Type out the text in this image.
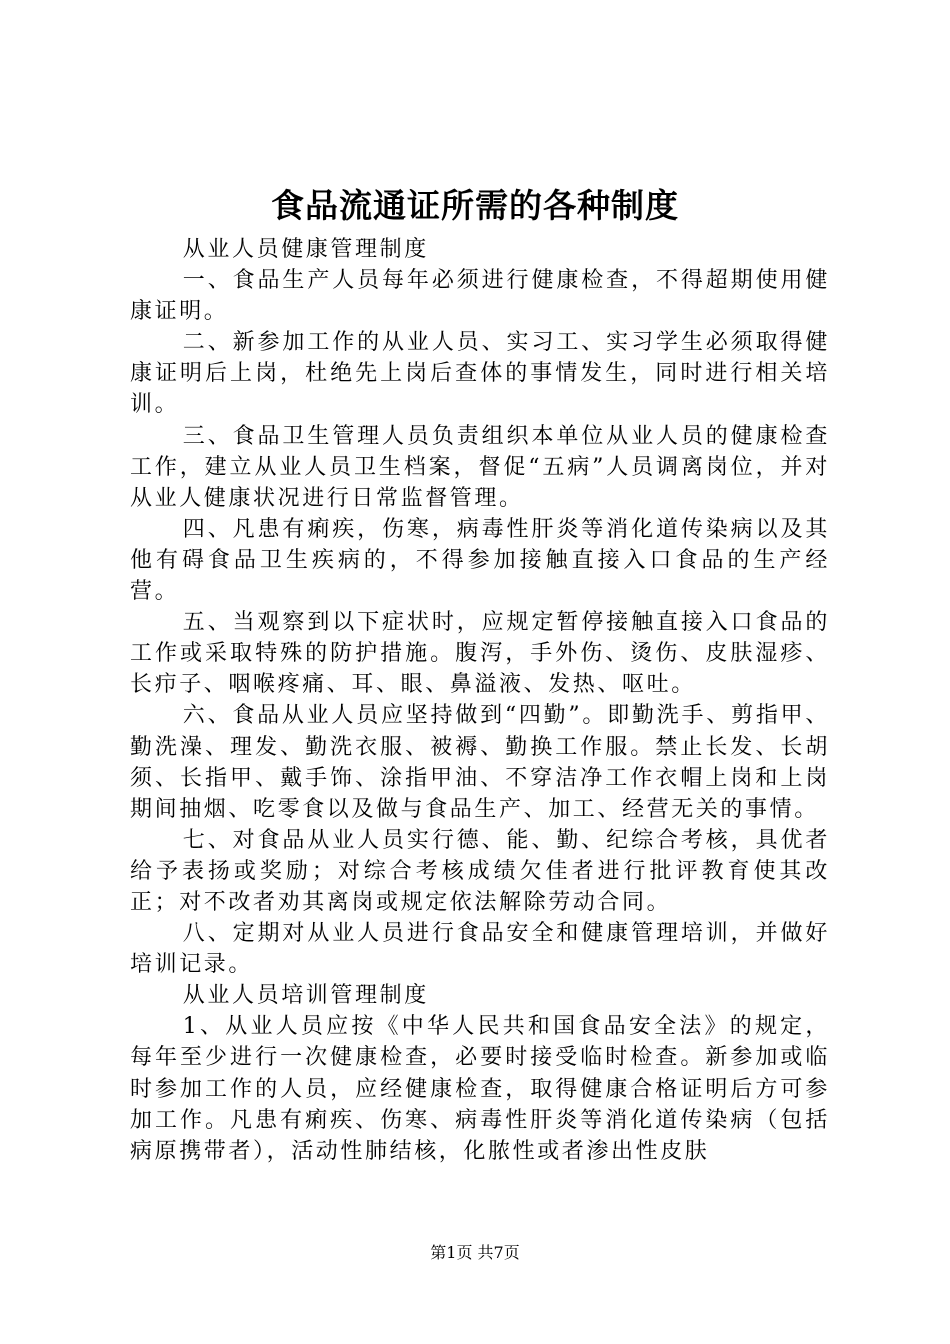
食品流通证所需的各种制度

从业人员健康管理制度

一、食品生产人员每年必须进行健康检查，不得超期使用健康证明。

二、新参加工作的从业人员、实习工、实习学生必须取得健康证明后上岗，杜绝先上岗后查体的事情发生，同时进行相关培训。

三、食品卫生管理人员负责组织本单位从业人员的健康检查工作，建立从业人员卫生档案，督促“五病”人员调离岗位，并对从业人健康状况进行日常监督管理。

四、凡患有痢疾，伤寒，病毒性肝炎等消化道传染病以及其他有碍食品卫生疾病的，不得参加接触直接入口食品的生产经营。

五、当观察到以下症状时，应规定暂停接触直接入口食品的工作或采取特殊的防护措施。腹泻，手外伤、烫伤、皮肤湿疹、长疖子、咽喉疼痛、耳、眼、鼻溢液、发热、呕吐。

六、食品从业人员应坚持做到“四勤”。即勤洗手、剪指甲、勤洗澡、理发、勤洗衣服、被褥、勤换工作服。禁止长发、长胡须、长指甲、戴手饰、涂指甲油、不穿洁净工作衣帽上岗和上岗期间抽烟、吃零食以及做与食品生产、加工、经营无关的事情。

七、对食品从业人员实行德、能、勤、纪综合考核，具优者给予表扬或奖励；对综合考核成绩欠佳者进行批评教育使其改正；对不改者劝其离岗或规定依法解除劳动合同。

八、定期对从业人员进行食品安全和健康管理培训，并做好培训记录。

从业人员培训管理制度

1、从业人员应按《中华人民共和国食品安全法》的规定，每年至少进行一次健康检查，必要时接受临时检查。新参加或临时参加工作的人员，应经健康检查，取得健康合格证明后方可参加工作。凡患有痢疾、伤寒、病毒性肝炎等消化道传染病（包括病原携带者），活动性肺结核，化脓性或者渗出性皮肤

第1页 共7页
